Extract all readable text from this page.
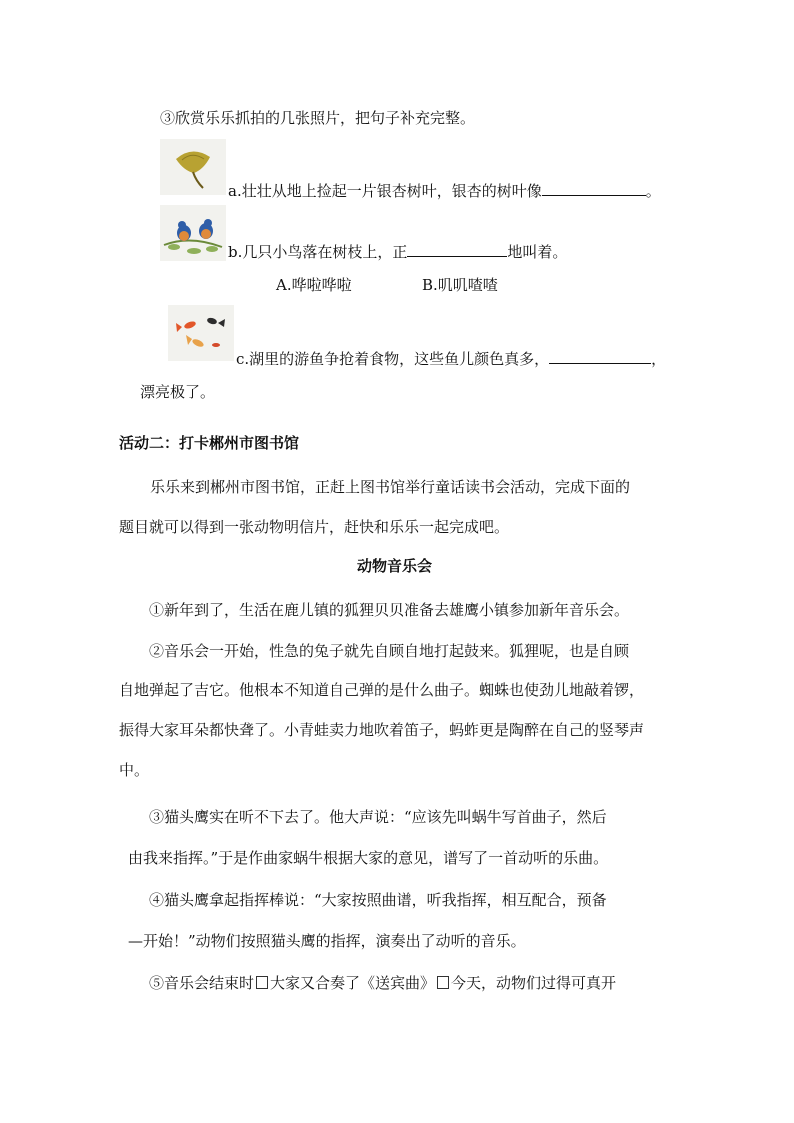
③欣赏乐乐抓拍的几张照片，把句子补充完整。
a.壮壮从地上捡起一片银杏树叶，银杏的树叶像	。
b.几只小鸟落在树枝上，正	地叫着。
A.哗啦哗啦	B.叽叽喳喳
c.湖里的游鱼争抢着食物，这些鱼儿颜色真多，	，
漂亮极了。
活动二：打卡郴州市图书馆
乐乐来到郴州市图书馆，正赶上图书馆举行童话读书会活动，完成下面的
题目就可以得到一张动物明信片，赶快和乐乐一起完成吧。
动物音乐会
①新年到了，生活在鹿儿镇的狐狸贝贝准备去雄鹰小镇参加新年音乐会。
②音乐会一开始，性急的兔子就先自顾自地打起鼓来。狐狸呢，也是自顾
自地弹起了吉它。他根本不知道自己弹的是什么曲子。蜘蛛也使劲儿地敲着锣，
振得大家耳朵都快聋了。小青蛙卖力地吹着笛子，蚂蚱更是陶醉在自己的竖琴声
中。
③猫头鹰实在听不下去了。他大声说：“应该先叫蜗牛写首曲子，然后
由我来指挥。”于是作曲家蜗牛根据大家的意见，谱写了一首动听的乐曲。
④猫头鹰拿起指挥棒说：“大家按照曲谱，听我指挥，相互配合，预备
—开始！”动物们按照猫头鹰的指挥，演奏出了动听的音乐。
⑤音乐会结束时 大家又合奏了《送宾曲》 今天，动物们过得可真开
